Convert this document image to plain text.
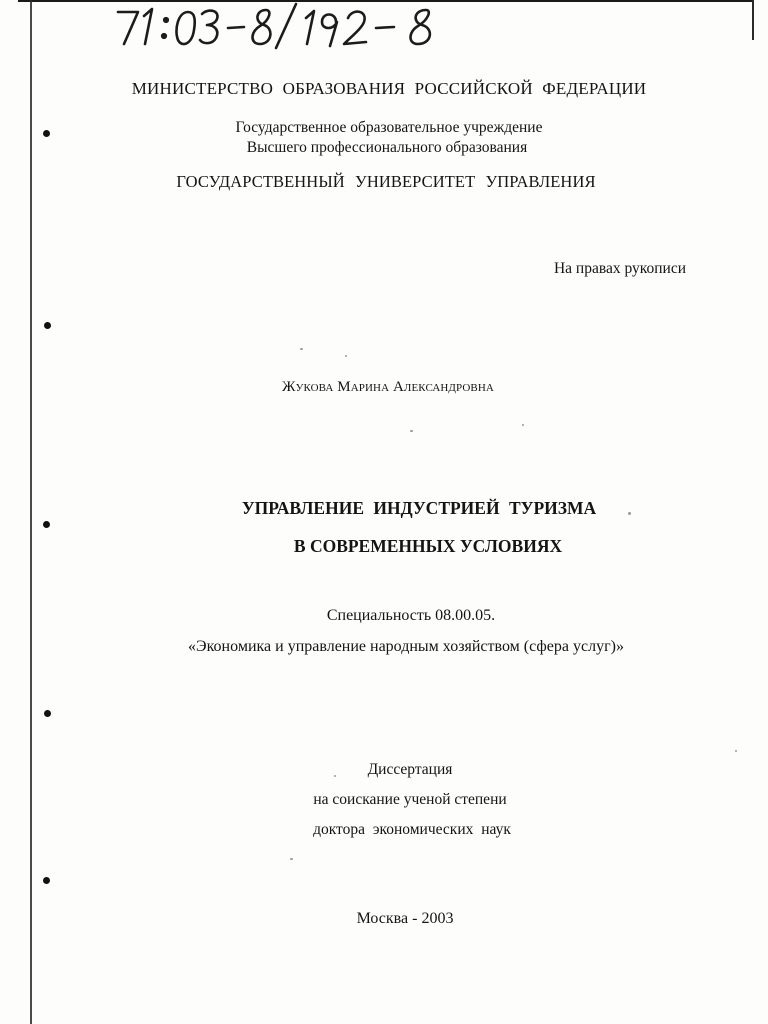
МИНИСТЕРСТВО ОБРАЗОВАНИЯ РОССИЙСКОЙ ФЕДЕРАЦИИ
Государственное образовательное учреждение
Высшего профессионального образования
ГОСУДАРСТВЕННЫЙ УНИВЕРСИТЕТ УПРАВЛЕНИЯ
На правах рукописи
Жукова Марина Александровна
УПРАВЛЕНИЕ ИНДУСТРИЕЙ ТУРИЗМА
В СОВРЕМЕННЫХ УСЛОВИЯХ
Специальность 08.00.05.
«Экономика и управление народным хозяйством (сфера услуг)»
Диссертация
на соискание ученой степени
доктора экономических наук
Москва - 2003
